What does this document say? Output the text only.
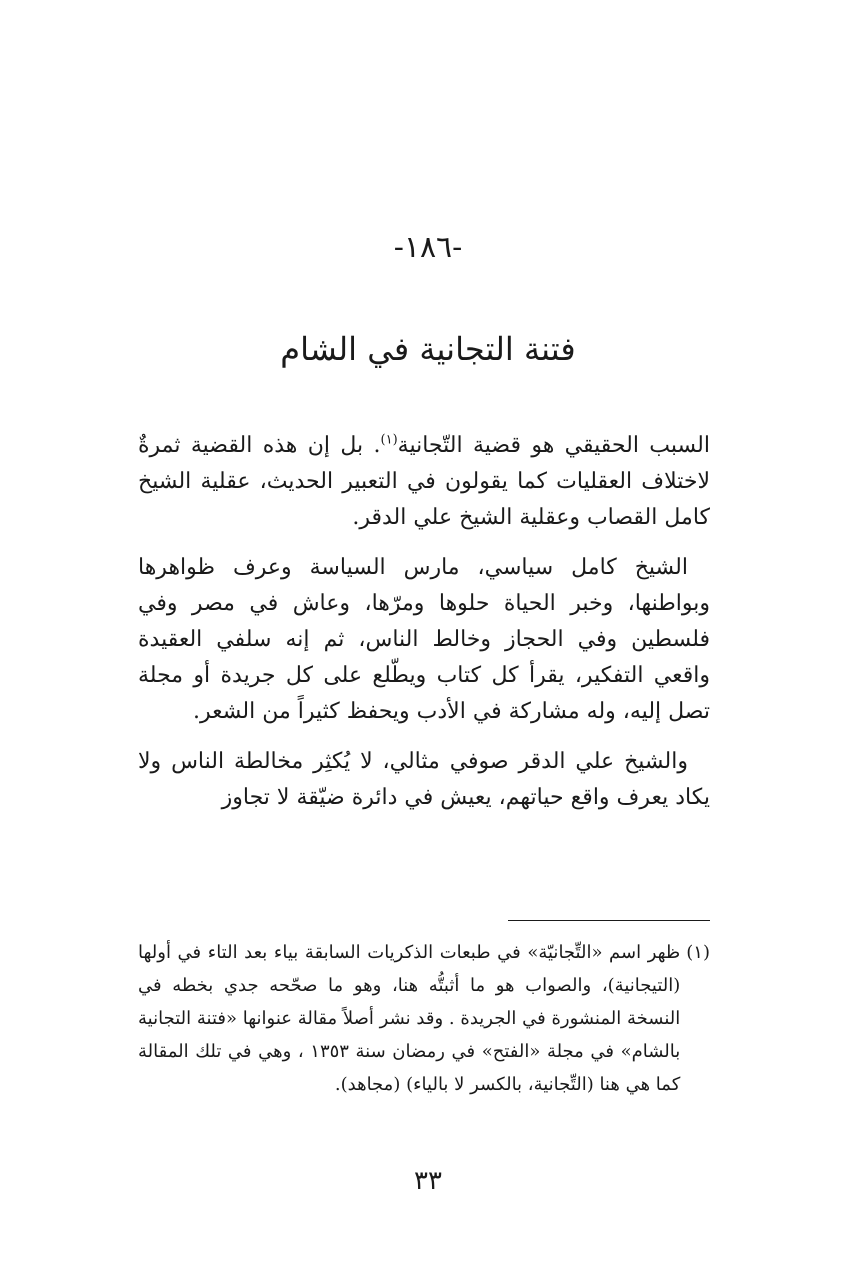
-١٨٦-
فتنة التجانية في الشام

السبب الحقيقي هو قضية التّجانية$^{(١)}$. بل إن هذه القضية ثمرةٌ لاختلاف العقليات كما يقولون في التعبير الحديث، عقلية الشيخ كامل القصاب وعقلية الشيخ علي الدقر.

الشيخ كامل سياسي، مارس السياسة وعرف ظواهرها وبواطنها، وخبر الحياة حلوها ومرّها، وعاش في مصر وفي فلسطين وفي الحجاز وخالط الناس، ثم إنه سلفي العقيدة واقعي التفكير، يقرأ كل كتاب ويطّلع على كل جريدة أو مجلة تصل إليه، وله مشاركة في الأدب ويحفظ كثيراً من الشعر.

والشيخ علي الدقر صوفي مثالي، لا يُكثِر مخالطة الناس ولا يكاد يعرف واقع حياتهم، يعيش في دائرة ضيّقة لا تجاوز

(١)
ظهر اسم «التِّجانيّة» في طبعات الذكريات السابقة بياء بعد التاء في أولها (التيجانية)، والصواب هو ما أثبتُّه هنا، وهو ما صحّحه جدي بخطه في النسخة المنشورة في الجريدة . وقد نشر أصلاً مقالة عنوانها «فتنة التجانية بالشام» في مجلة «الفتح» في رمضان سنة ١٣٥٣ ، وهي في تلك المقالة كما هي هنا (التِّجانية، بالكسر لا بالياء) (مجاهد).
٣٣
